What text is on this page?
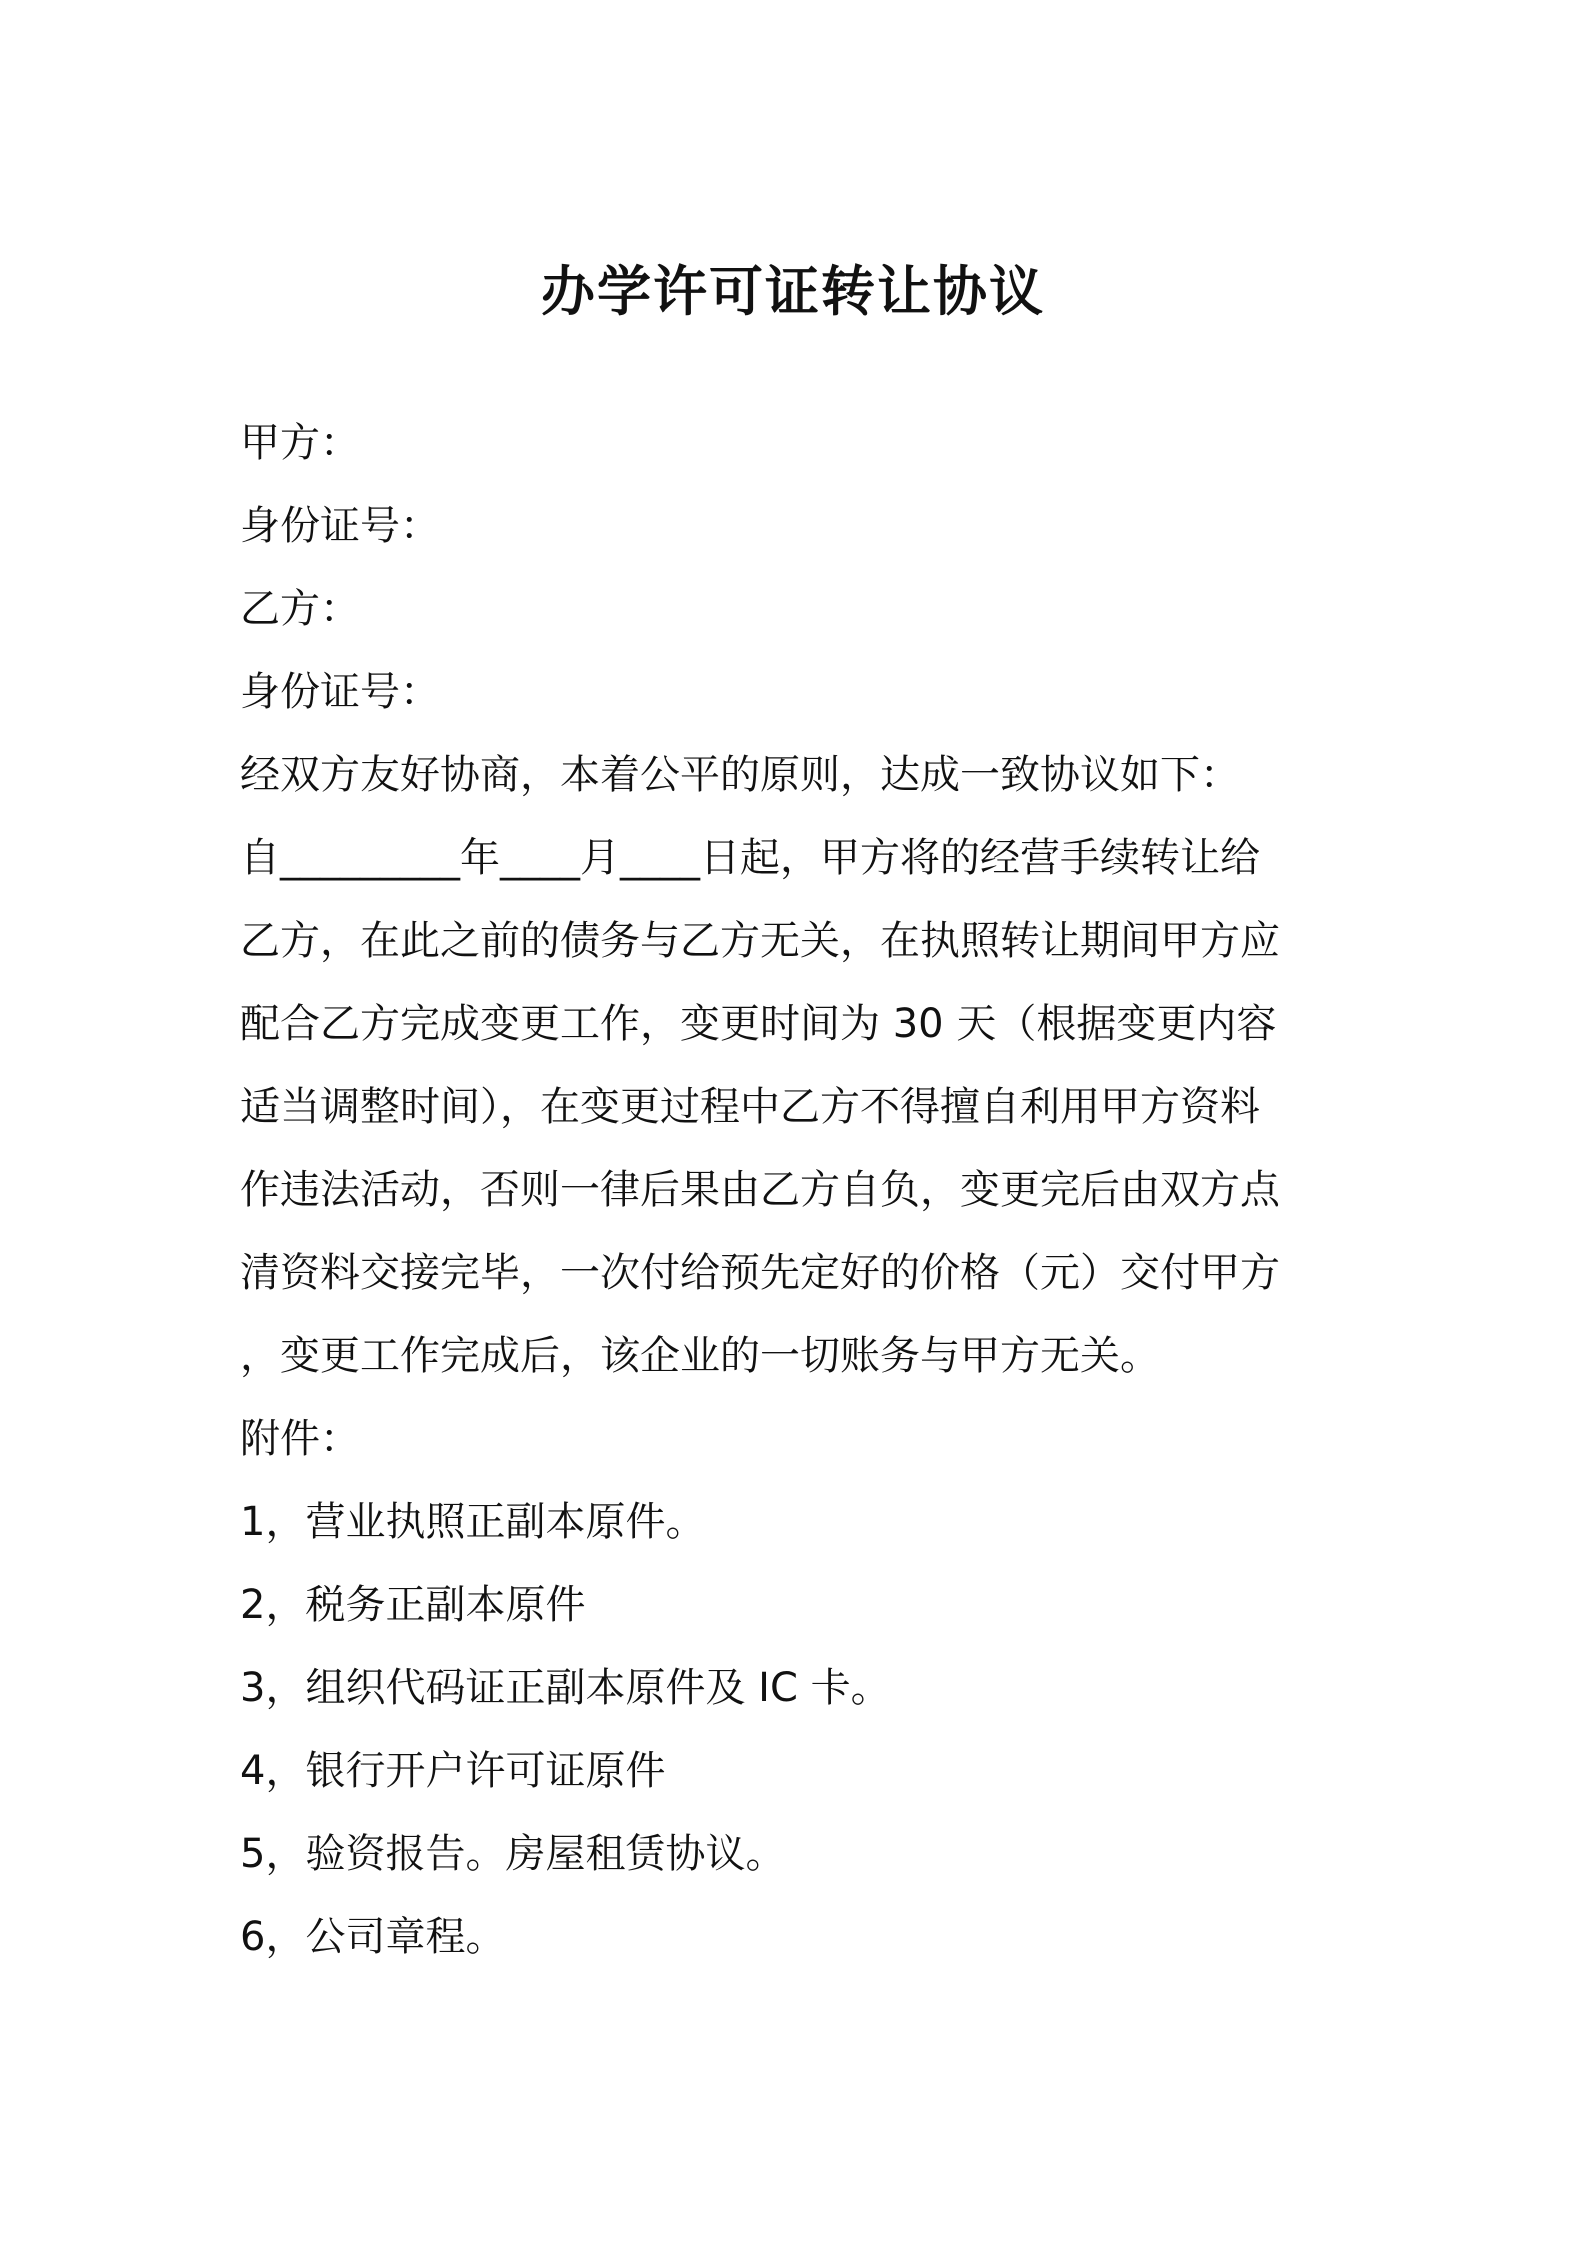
办学许可证转让协议
甲方：
身份证号：
乙方：
身份证号：
经双方友好协商，本着公平的原则，达成一致协议如下：
自_________年____月____日起，甲方将的经营手续转让给
乙方，在此之前的债务与乙方无关，在执照转让期间甲方应
配合乙方完成变更工作，变更时间为 30 天（根据变更内容
适当调整时间），在变更过程中乙方不得擅自利用甲方资料
作违法活动，否则一律后果由乙方自负，变更完后由双方点
清资料交接完毕，一次付给预先定好的价格（元）交付甲方
，变更工作完成后，该企业的一切账务与甲方无关。
附件：
1，营业执照正副本原件。
2，税务正副本原件
3，组织代码证正副本原件及 IC 卡。
4，银行开户许可证原件
5，验资报告。房屋租赁协议。
6，公司章程。
